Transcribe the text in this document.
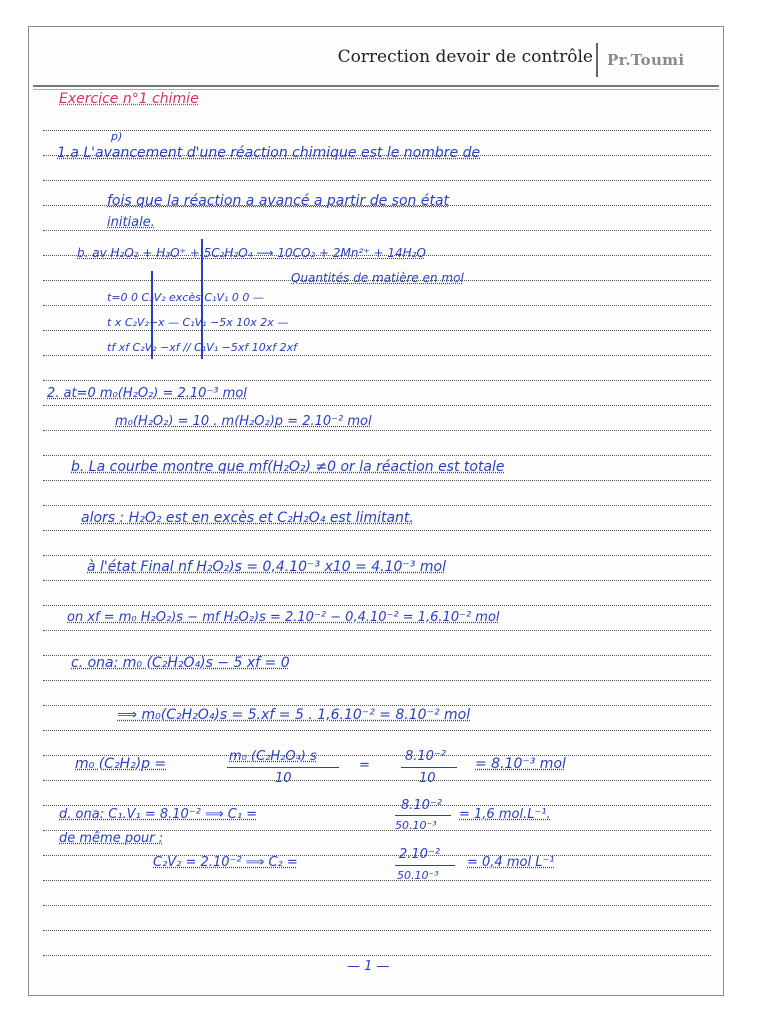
Correction devoir de contrôle Pr.Toumi
Exercice n°1 chimie
p)
1.a L'avancement d'une réaction chimique est le nombre de
fois que la réaction a avancé a partir de son état
initiale.
b. av H₂O₂ + H₃O⁺ + 5C₂H₂O₄ ⟶ 10CO₂ + 2Mn²⁺ + 14H₂O
Quantités de matière en mol
t=0 0 C₂V₂ excès C₁V₁ 0 0 —
t x C₂V₂−x — C₁V₁ −5x 10x 2x —
tf xf C₂V₂ −xf // C₁V₁ −5xf 10xf 2xf
2. at=0 m₀(H₂O₂) = 2.10⁻³ mol
m₀(H₂O₂) = 10 . m(H₂O₂)p = 2.10⁻² mol
b. La courbe montre que mf(H₂O₂) ≠0 or la réaction est totale
alors : H₂O₂ est en excès et C₂H₂O₄ est limitant.
à l'état Final nf H₂O₂)s = 0,4.10⁻³ x10 = 4.10⁻³ mol
on xf = m₀ H₂O₂)s − mf H₂O₂)s = 2.10⁻² − 0,4.10⁻² = 1,6.10⁻² mol
c. ona: m₀ (C₂H₂O₄)s − 5 xf = 0
⟹ m₀(C₂H₂O₄)s = 5.xf = 5 . 1,6.10⁻² = 8.10⁻² mol
m₀ (C₂H₂)p =	m₀ (C₂H₂O₄) s
10
=
8.10⁻²
10
= 8.10⁻³ mol
d. ona: C₁.V₁ = 8.10⁻² ⟹ C₁ =
8.10⁻²
50.10⁻³
= 1,6 mol.L⁻¹.
de même pour :
C₂V₂ = 2.10⁻² ⟹ C₂ =
2.10⁻²
50.10⁻³
= 0,4 mol L⁻¹
— 1 —
